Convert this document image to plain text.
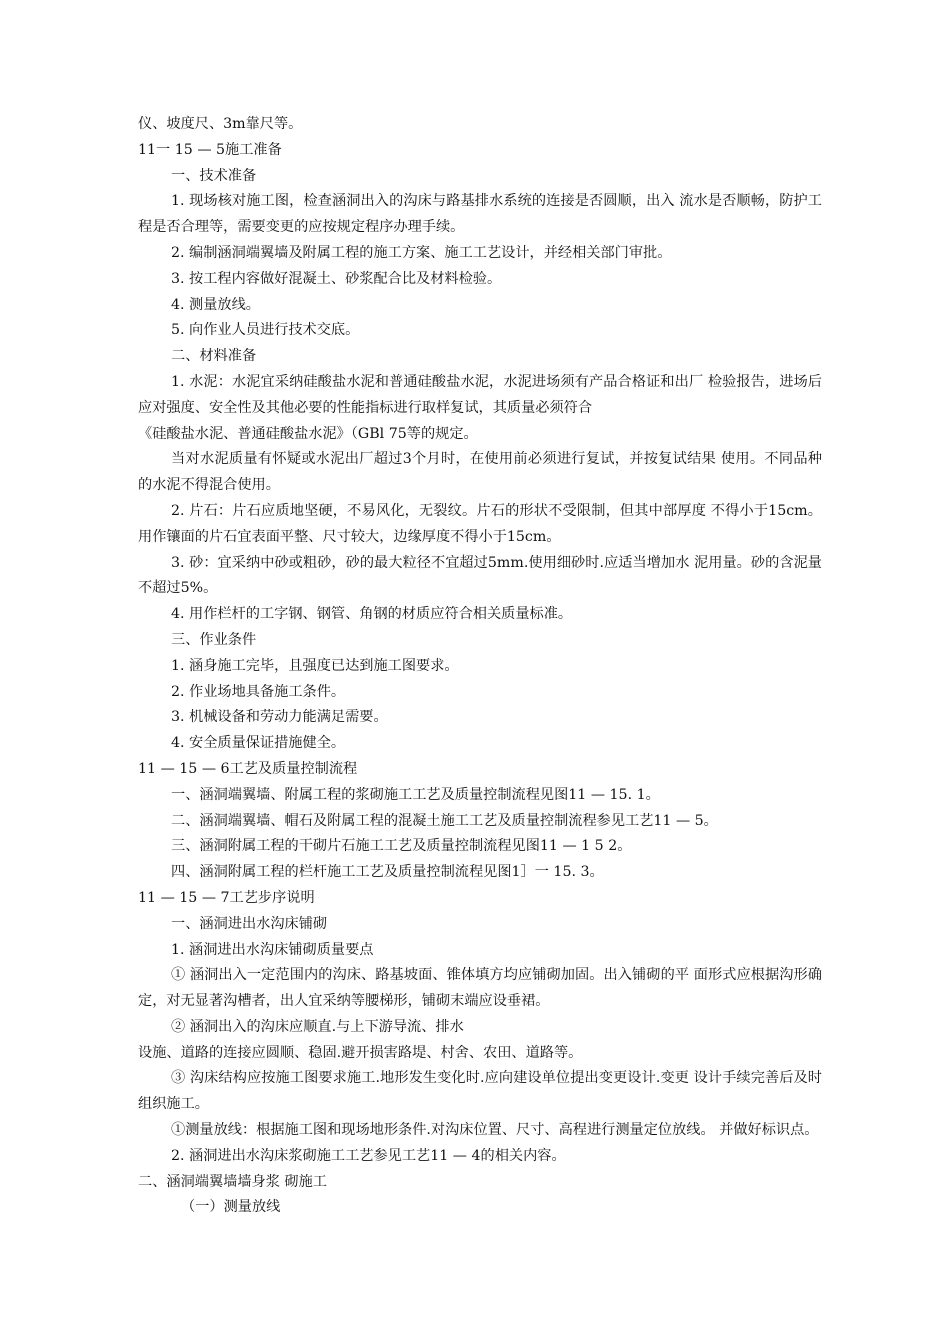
仪、坡度尺、3m靠尺等。
11一 15 — 5施工准备
一、技术准备
1. 现场核对施工图，检查涵洞出入的沟床与路基排水系统的连接是否圆顺，出入 流水是否顺畅，防护工程是否合理等，需要变更的应按规定程序办理手续。
2. 编制涵洞端翼墙及附属工程的施工方案、施工工艺设计，并经相关部门审批。
3. 按工程内容做好混凝土、砂浆配合比及材料检验。
4. 测量放线。
5. 向作业人员进行技术交底。
二、材料准备
1. 水泥：水泥宜采纳硅酸盐水泥和普通硅酸盐水泥，水泥进场须有产品合格证和出厂 检验报告，进场后应对强度、安全性及其他必要的性能指标进行取样复试，其质量必须符合
《硅酸盐水泥、普通硅酸盐水泥》（GBl 75等的规定。
当对水泥质量有怀疑或水泥出厂超过3个月时，在使用前必须进行复试，并按复试结果 使用。不同品种的水泥不得混合使用。
2. 片石：片石应质地坚硬，不易风化，无裂纹。片石的形状不受限制，但其中部厚度 不得小于15cm。用作镶面的片石宜表面平整、尺寸较大，边缘厚度不得小于15cm。
3. 砂：宜采纳中砂或粗砂，砂的最大粒径不宜超过5mm.使用细砂时.应适当增加水 泥用量。砂的含泥量不超过5%。
4. 用作栏杆的工字钢、钢管、角钢的材质应符合相关质量标准。
三、作业条件
1. 涵身施工完毕，且强度已达到施工图要求。
2. 作业场地具备施工条件。
3. 机械设备和劳动力能满足需要。
4. 安全质量保证措施健全。
11 — 15 — 6工艺及质量控制流程
一、涵洞端翼墙、附属工程的浆砌施工工艺及质量控制流程见图11 — 15. 1。
二、涵洞端翼墙、帽石及附属工程的混凝土施工工艺及质量控制流程参见工艺11 — 5。
三、涵洞附属工程的干砌片石施工工艺及质量控制流程见图11 — 1 5 2。
四、涵洞附属工程的栏杆施工工艺及质量控制流程见图1］一 15. 3。
11 — 15 — 7工艺步序说明
一、涵洞进出水沟床铺砌
1. 涵洞进出水沟床铺砌质量要点
① 涵洞出入一定范围内的沟床、路基坡面、锥体填方均应铺砌加固。出入铺砌的平 面形式应根据沟形确定，对无显著沟槽者，出人宜采纳等腰梯形，铺砌末端应设垂裙。
② 涵洞出入的沟床应顺直.与上下游导流、排水
设施、道路的连接应圆顺、稳固.避开损害路堤、村舍、农田、道路等。
③ 沟床结构应按施工图要求施工.地形发生变化时.应向建设单位提出变更设计.变更 设计手续完善后及时组织施工。
①测量放线：根据施工图和现场地形条件.对沟床位置、尺寸、高程进行测量定位放线。 并做好标识点。
2. 涵洞进出水沟床浆砌施工工艺参见工艺11 — 4的相关内容。
二、涵洞端翼墙墙身浆 砌施工
（一）测量放线
